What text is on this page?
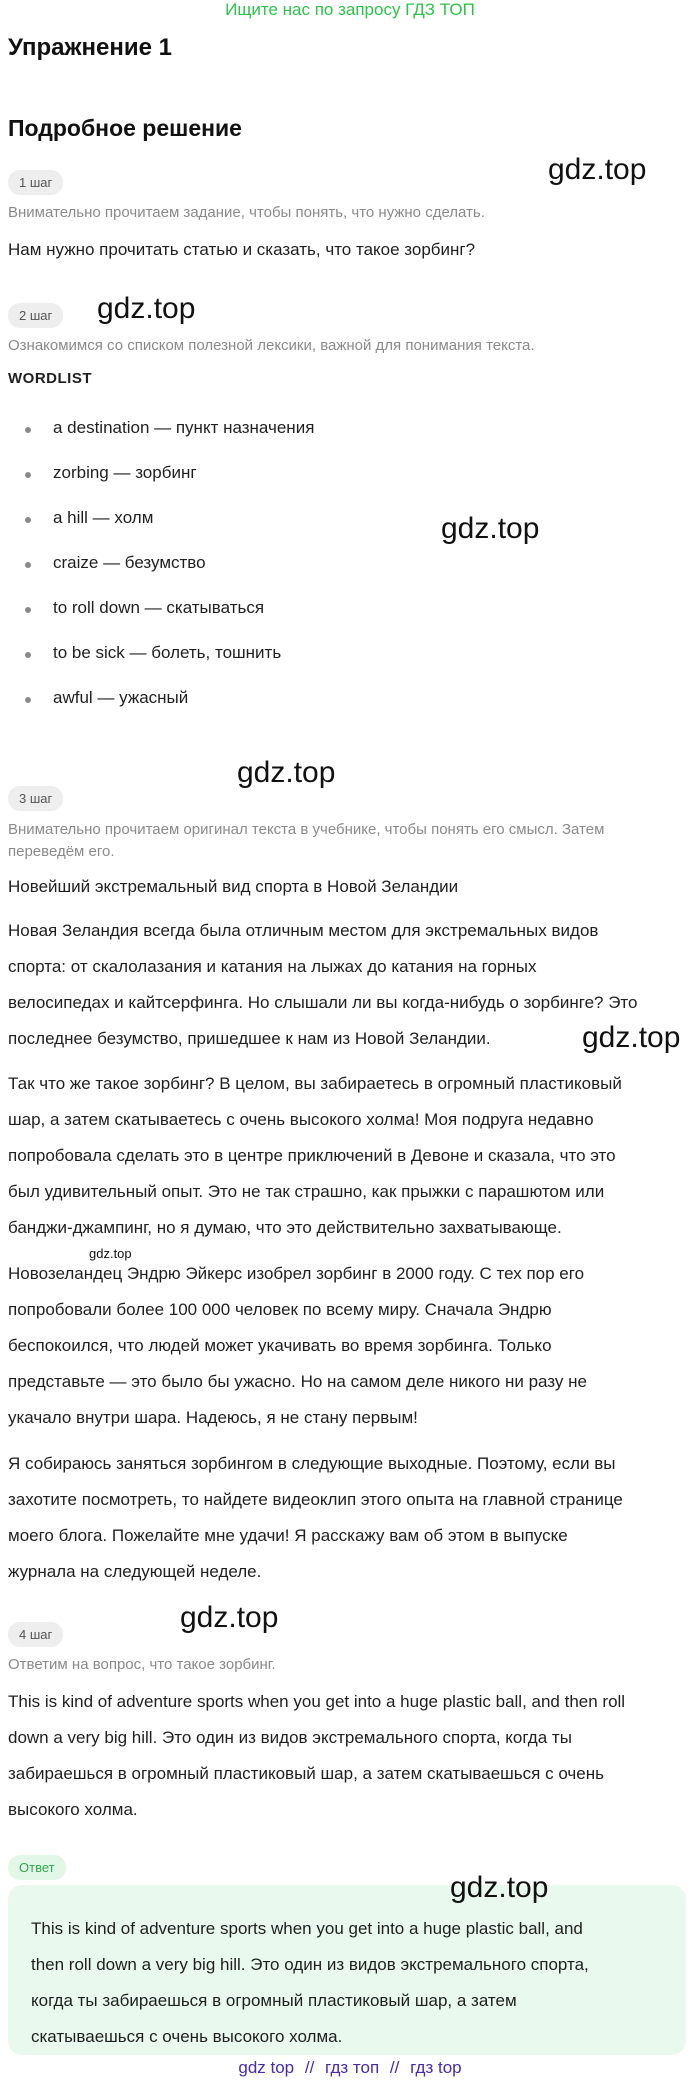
Ищите нас по запросу ГДЗ ТОП
Упражнение 1
Подробное решение
1 шаг	gdz.top
Внимательно прочитаем задание, чтобы понять, что нужно сделать.
Нам нужно прочитать статью и сказать, что такое зорбинг?
2 шаг	gdz.top
Ознакомимся со списком полезной лексики, важной для понимания текста.
WORDLIST
a destination — пункт назначения
zorbing — зорбинг
a hill — холм
craize — безумство
to roll down — скатываться
to be sick — болеть, тошнить
awful — ужасный
gdz.top
gdz.top
3 шаг
Внимательно прочитаем оригинал текста в учебнике, чтобы понять его смысл. Затем
переведём его.
Новейший экстремальный вид спорта в Новой Зеландии
Новая Зеландия всегда была отличным местом для экстремальных видов
спорта: от скалолазания и катания на лыжах до катания на горных
велосипедах и кайтсерфинга. Но слышали ли вы когда-нибудь о зорбинге? Это
последнее безумство, пришедшее к нам из Новой Зеландии.	gdz.top
Так что же такое зорбинг? В целом, вы забираетесь в огромный пластиковый
шар, а затем скатываетесь с очень высокого холма! Моя подруга недавно
попробовала сделать это в центре приключений в Девоне и сказала, что это
был удивительный опыт. Это не так страшно, как прыжки с парашютом или
банджи-джампинг, но я думаю, что это действительно захватывающе.
gdz.top
Новозеландец Эндрю Эйкерс изобрел зорбинг в 2000 году. С тех пор его
попробовали более 100 000 человек по всему миру. Сначала Эндрю
беспокоился, что людей может укачивать во время зорбинга. Только
представьте — это было бы ужасно. Но на самом деле никого ни разу не
укачало внутри шара. Надеюсь, я не стану первым!
Я собираюсь заняться зорбингом в следующие выходные. Поэтому, если вы
захотите посмотреть, то найдете видеоклип этого опыта на главной странице
моего блога. Пожелайте мне удачи! Я расскажу вам об этом в выпуске
журнала на следующей неделе.
4 шаг
gdz.top
Ответим на вопрос, что такое зорбинг.
This is kind of adventure sports when you get into a huge plastic ball, and then roll
down a very big hill. Это один из видов экстремального спорта, когда ты
забираешься в огромный пластиковый шар, а затем скатываешься с очень
высокого холма.
Ответ
gdz.top
This is kind of adventure sports when you get into a huge plastic ball, and
then roll down a very big hill. Это один из видов экстремального спорта,
когда ты забираешься в огромный пластиковый шар, а затем
скатываешься с очень высокого холма.
gdz top // гдз топ // гдз top
